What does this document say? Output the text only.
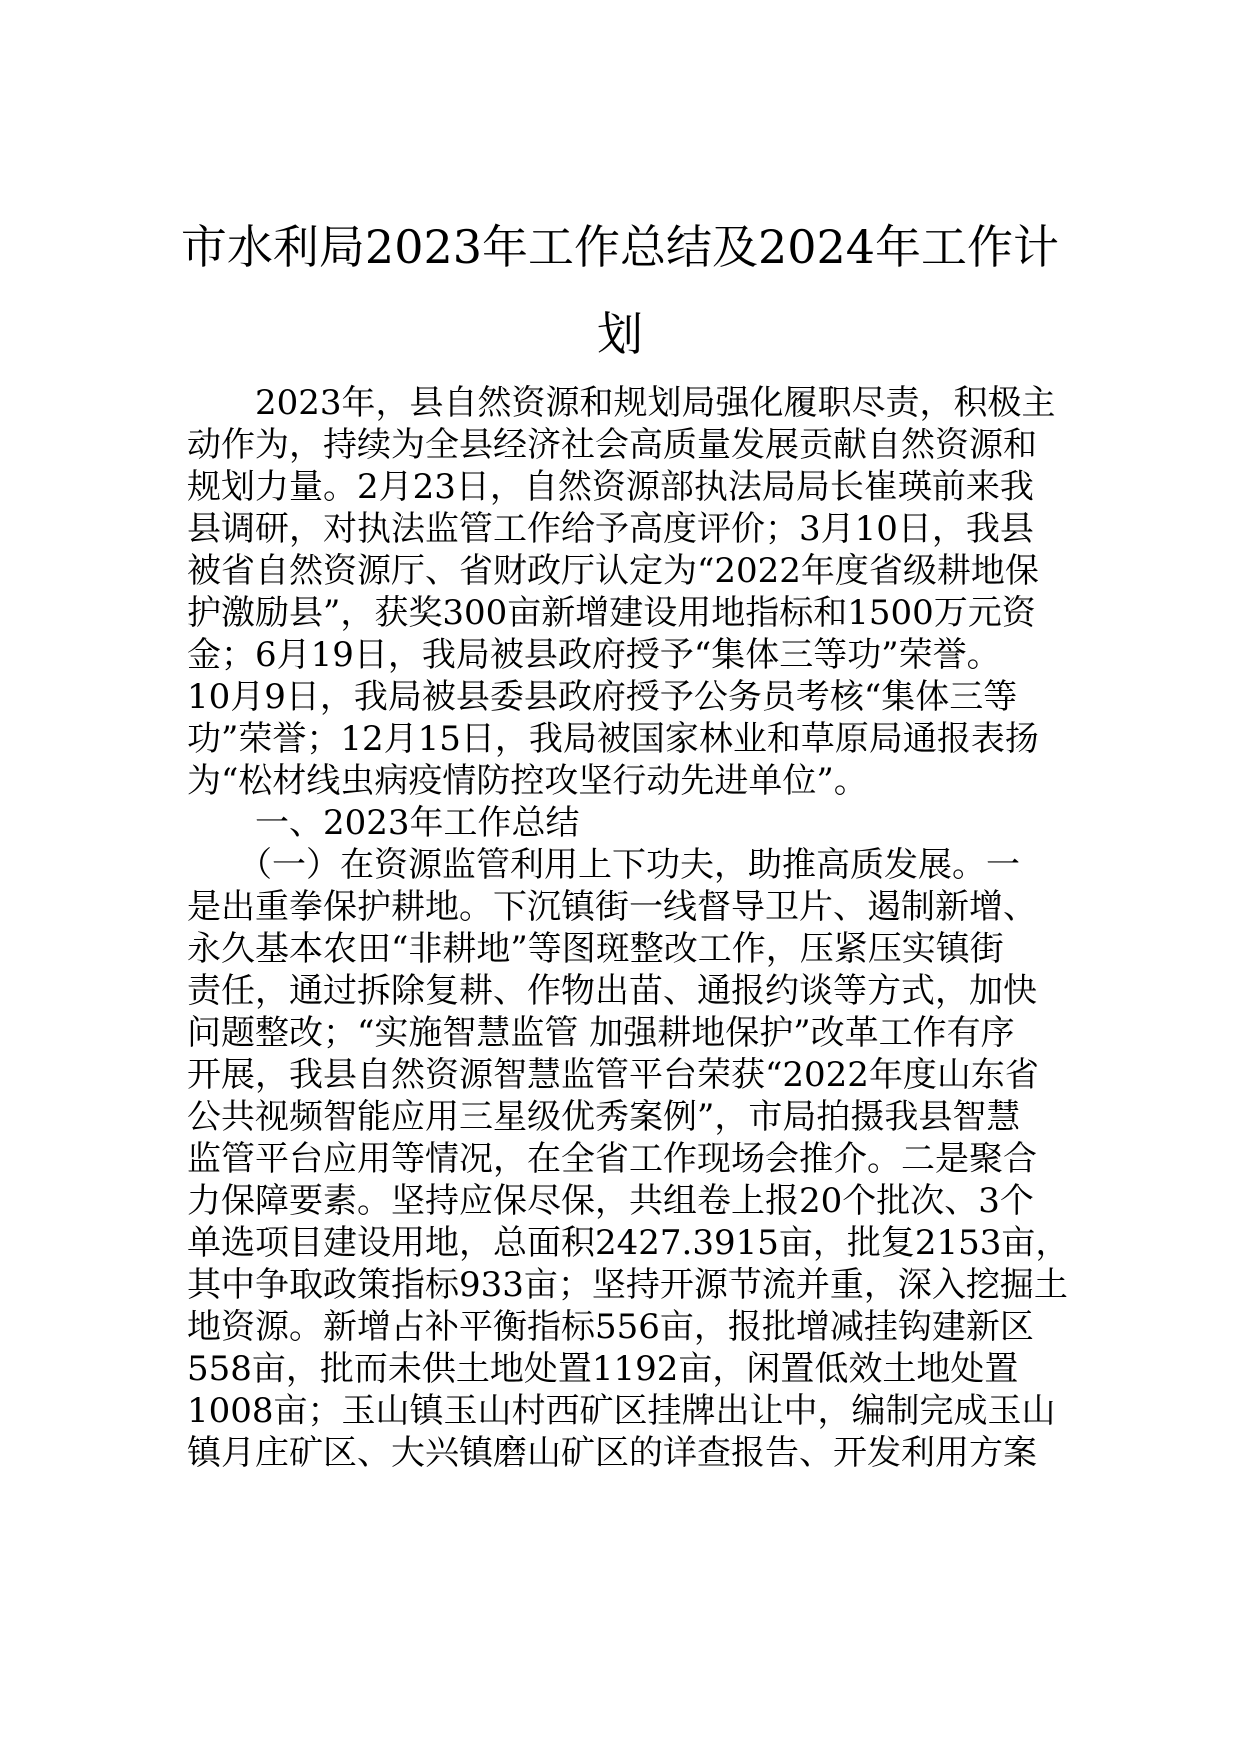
市水利局2023年工作总结及2024年工作计
划
　　2023年，县自然资源和规划局强化履职尽责，积极主
动作为，持续为全县经济社会高质量发展贡献自然资源和
规划力量。2月23日，自然资源部执法局局长崔瑛前来我
县调研，对执法监管工作给予高度评价；3月10日，我县
被省自然资源厅、省财政厅认定为“2022年度省级耕地保
护激励县”，获奖300亩新增建设用地指标和1500万元资
金；6月19日，我局被县政府授予“集体三等功”荣誉。
10月9日，我局被县委县政府授予公务员考核“集体三等
功”荣誉；12月15日，我局被国家林业和草原局通报表扬
为“松材线虫病疫情防控攻坚行动先进单位”。
　　一、2023年工作总结
　　（一）在资源监管利用上下功夫，助推高质发展。一
是出重拳保护耕地。下沉镇街一线督导卫片、遏制新增、
永久基本农田“非耕地”等图斑整改工作，压紧压实镇街
责任，通过拆除复耕、作物出苗、通报约谈等方式，加快
问题整改；“实施智慧监管 加强耕地保护”改革工作有序
开展，我县自然资源智慧监管平台荣获“2022年度山东省
公共视频智能应用三星级优秀案例”，市局拍摄我县智慧
监管平台应用等情况，在全省工作现场会推介。二是聚合
力保障要素。坚持应保尽保，共组卷上报20个批次、3个
单选项目建设用地，总面积2427.3915亩，批复2153亩，
其中争取政策指标933亩；坚持开源节流并重，深入挖掘土
地资源。新增占补平衡指标556亩，报批增减挂钩建新区
558亩，批而未供土地处置1192亩，闲置低效土地处置
1008亩；玉山镇玉山村西矿区挂牌出让中，编制完成玉山
镇月庄矿区、大兴镇磨山矿区的详查报告、开发利用方案
